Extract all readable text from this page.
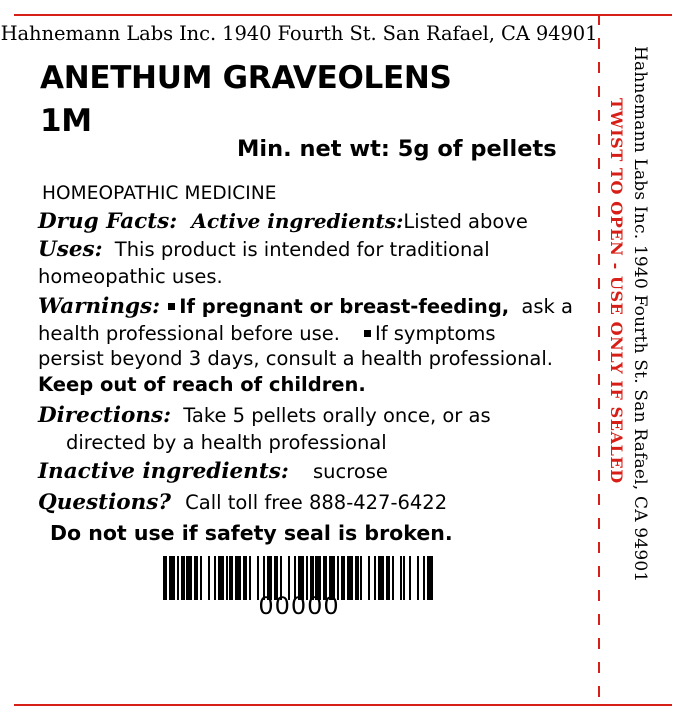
Hahnemann Labs Inc. 1940 Fourth St. San Rafael, CA 94901
TWIST TO OPEN - USE ONLY IF SEALED
Hahnemann Labs Inc. 1940 Fourth St. San Rafael, CA 94901
ANETHUM GRAVEOLENS
1M
Min. net wt: 5g of pellets
HOMEOPATHIC MEDICINE
Drug Facts: Active ingredients:Listed above
Uses: This product is intended for traditional
homeopathic uses.
Warnings: If pregnant or breast-feeding, ask a
health professional before use. If symptoms
persist beyond 3 days, consult a health professional.
Keep out of reach of children.
Directions: Take 5 pellets orally once, or as
directed by a health professional
Inactive ingredients: sucrose
Questions? Call toll free 888-427-6422
Do not use if safety seal is broken.
00000
